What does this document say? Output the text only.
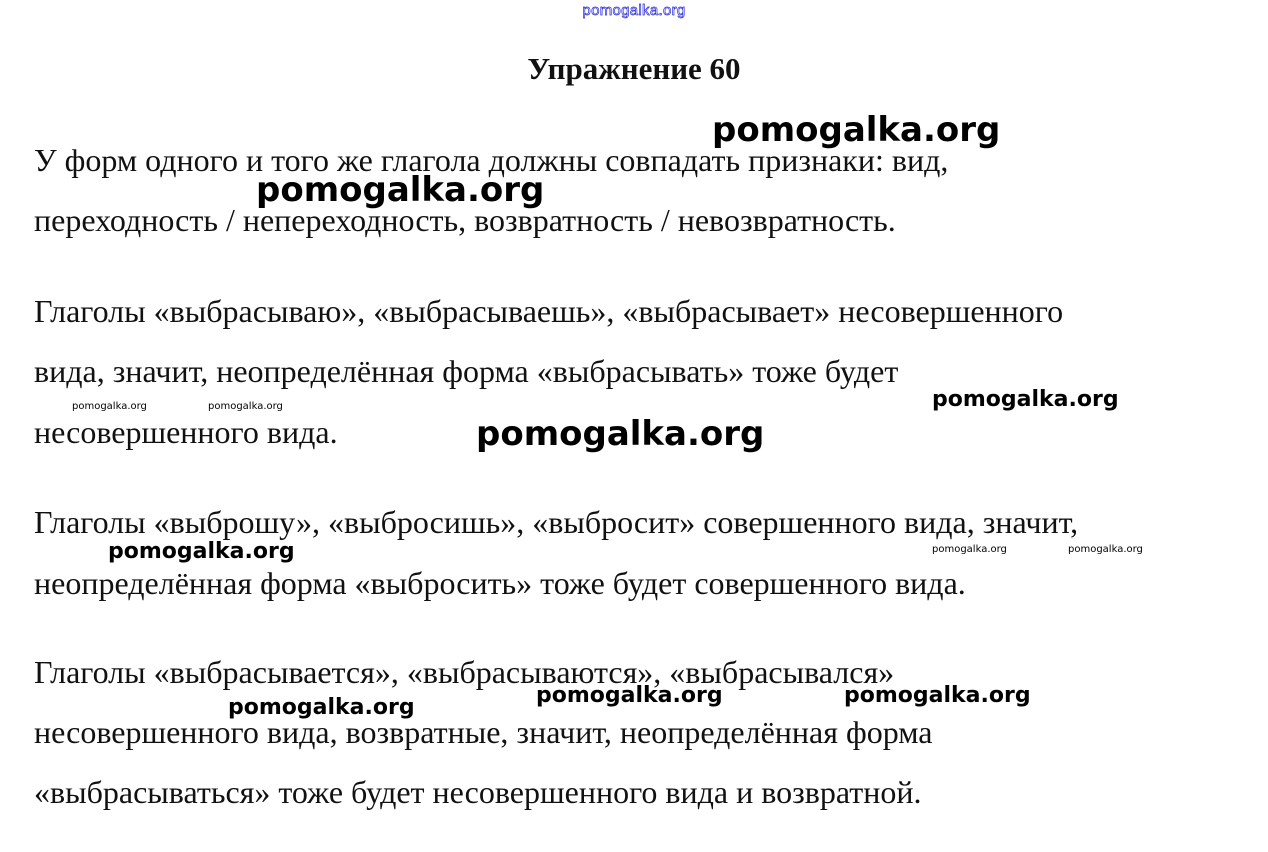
pomogalka.org
Упражнение 60
У форм одного и того же глагола должны совпадать признаки: вид,
переходность / непереходность, возвратность / невозвратность.
Глаголы «выбрасываю», «выбрасываешь», «выбрасывает» несовершенного
вида, значит, неопределённая форма «выбрасывать» тоже будет
несовершенного вида.
Глаголы «выброшу», «выбросишь», «выбросит» совершенного вида, значит,
неопределённая форма «выбросить» тоже будет совершенного вида.
Глаголы «выбрасывается», «выбрасываются», «выбрасывался»
несовершенного вида, возвратные, значит, неопределённая форма
«выбрасываться» тоже будет несовершенного вида и возвратной.
pomogalka.org
pomogalka.org
pomogalka.org	pomogalka.org	pomogalka.org
pomogalka.org
pomogalka.org	pomogalka.org	pomogalka.org
pomogalka.org	pomogalka.org
pomogalka.org
